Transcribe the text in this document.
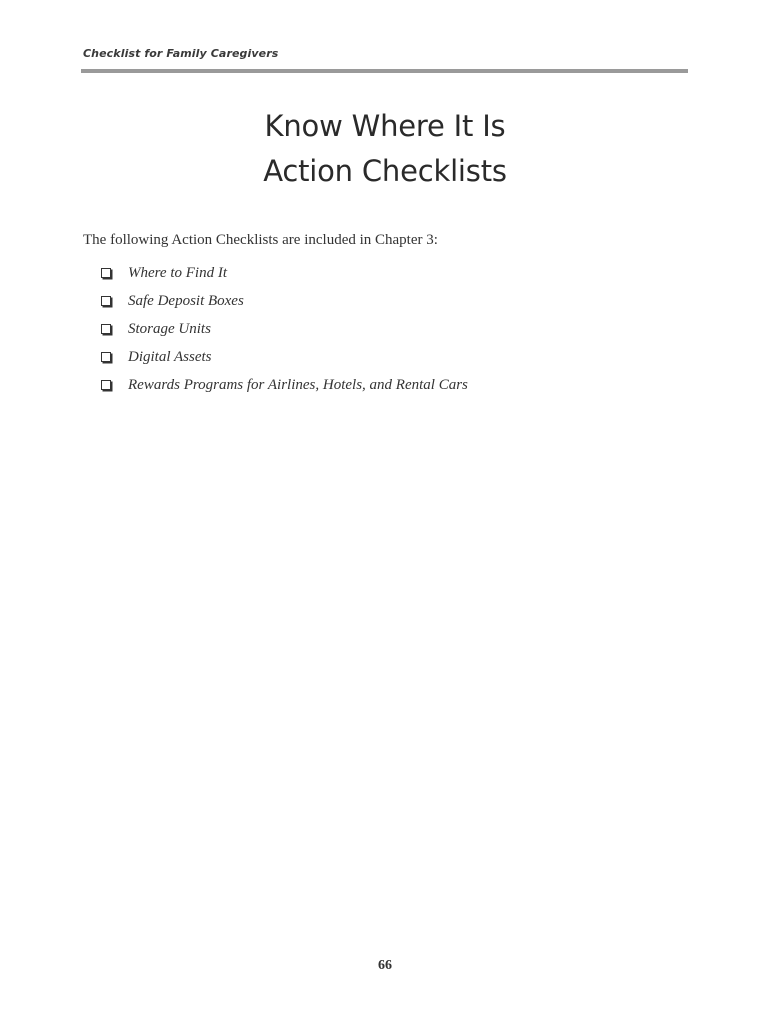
Checklist for Family Caregivers
Know Where It Is
Action Checklists
The following Action Checklists are included in Chapter 3:
Where to Find It
Safe Deposit Boxes
Storage Units
Digital Assets
Rewards Programs for Airlines, Hotels, and Rental Cars
66
